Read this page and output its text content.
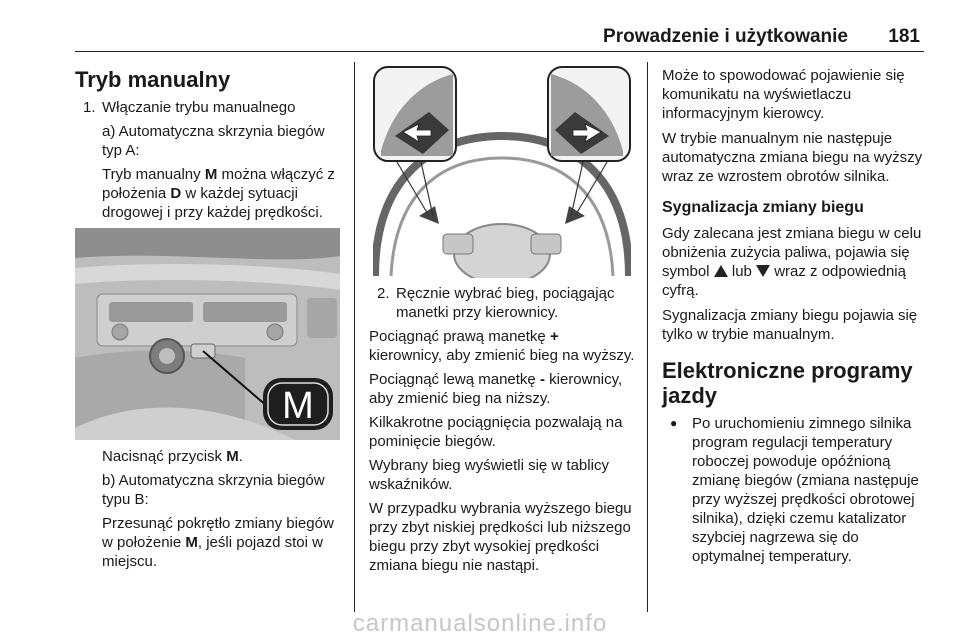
Prowadzenie i użytkowanie 181
Tryb manualny
1. Włączanie trybu manualnego

a) Automatyczna skrzynia biegów typ A:

Tryb manualny M można włączyć z położenia D w każdej sytuacji drogowej i przy każdej prędkości.

M

Nacisnąć przycisk M.

b) Automatyczna skrzynia biegów typu B:

Przesunąć pokrętło zmiany biegów w położenie M, jeśli pojazd stoi w miejscu.

2. Ręcznie wybrać bieg, pociągając manetki przy kierownicy.

Pociągnąć prawą manetkę + kierownicy, aby zmienić bieg na wyższy.

Pociągnąć lewą manetkę - kierownicy, aby zmienić bieg na niższy.

Kilkakrotne pociągnięcia pozwalają na pominięcie biegów.

Wybrany bieg wyświetli się w tablicy wskaźników.

W przypadku wybrania wyższego biegu przy zbyt niskiej prędkości lub niższego biegu przy zbyt wysokiej prędkości zmiana biegu nie nastąpi.

Może to spowodować pojawienie się komunikatu na wyświetlaczu informacyjnym kierowcy.

W trybie manualnym nie następuje automatyczna zmiana biegu na wyższy wraz ze wzrostem obrotów silnika.

Sygnalizacja zmiany biegu

Gdy zalecana jest zmiana biegu w celu obniżenia zużycia paliwa, pojawia się symbol  lub  wraz z odpowiednią cyfrą.

Sygnalizacja zmiany biegu pojawia się tylko w trybie manualnym.

Elektroniczne programy jazdy
● Po uruchomieniu zimnego silnika program regulacji temperatury roboczej powoduje opóźnioną zmianę biegów (zmiana następuje przy wyższej prędkości obrotowej silnika), dzięki czemu katalizator szybciej nagrzewa się do optymalnej temperatury.
carmanualsonline.info
